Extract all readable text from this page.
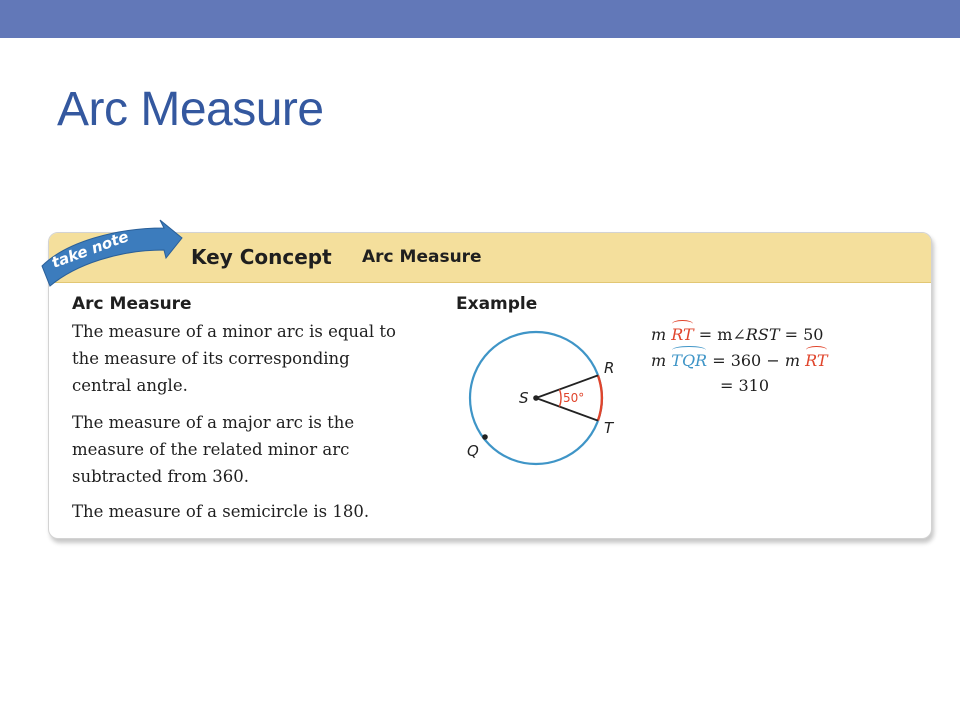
Arc Measure
Key Concept Arc Measure
take note
Arc Measure
The measure of a minor arc is equal to the measure of its corresponding central angle.
The measure of a major arc is the measure of the related minor arc subtracted from 360.
The measure of a semicircle is 180.
Example
S
R
T
Q
50°
m RT = m∠RST = 50
m TQR = 360 − m RT
= 310
